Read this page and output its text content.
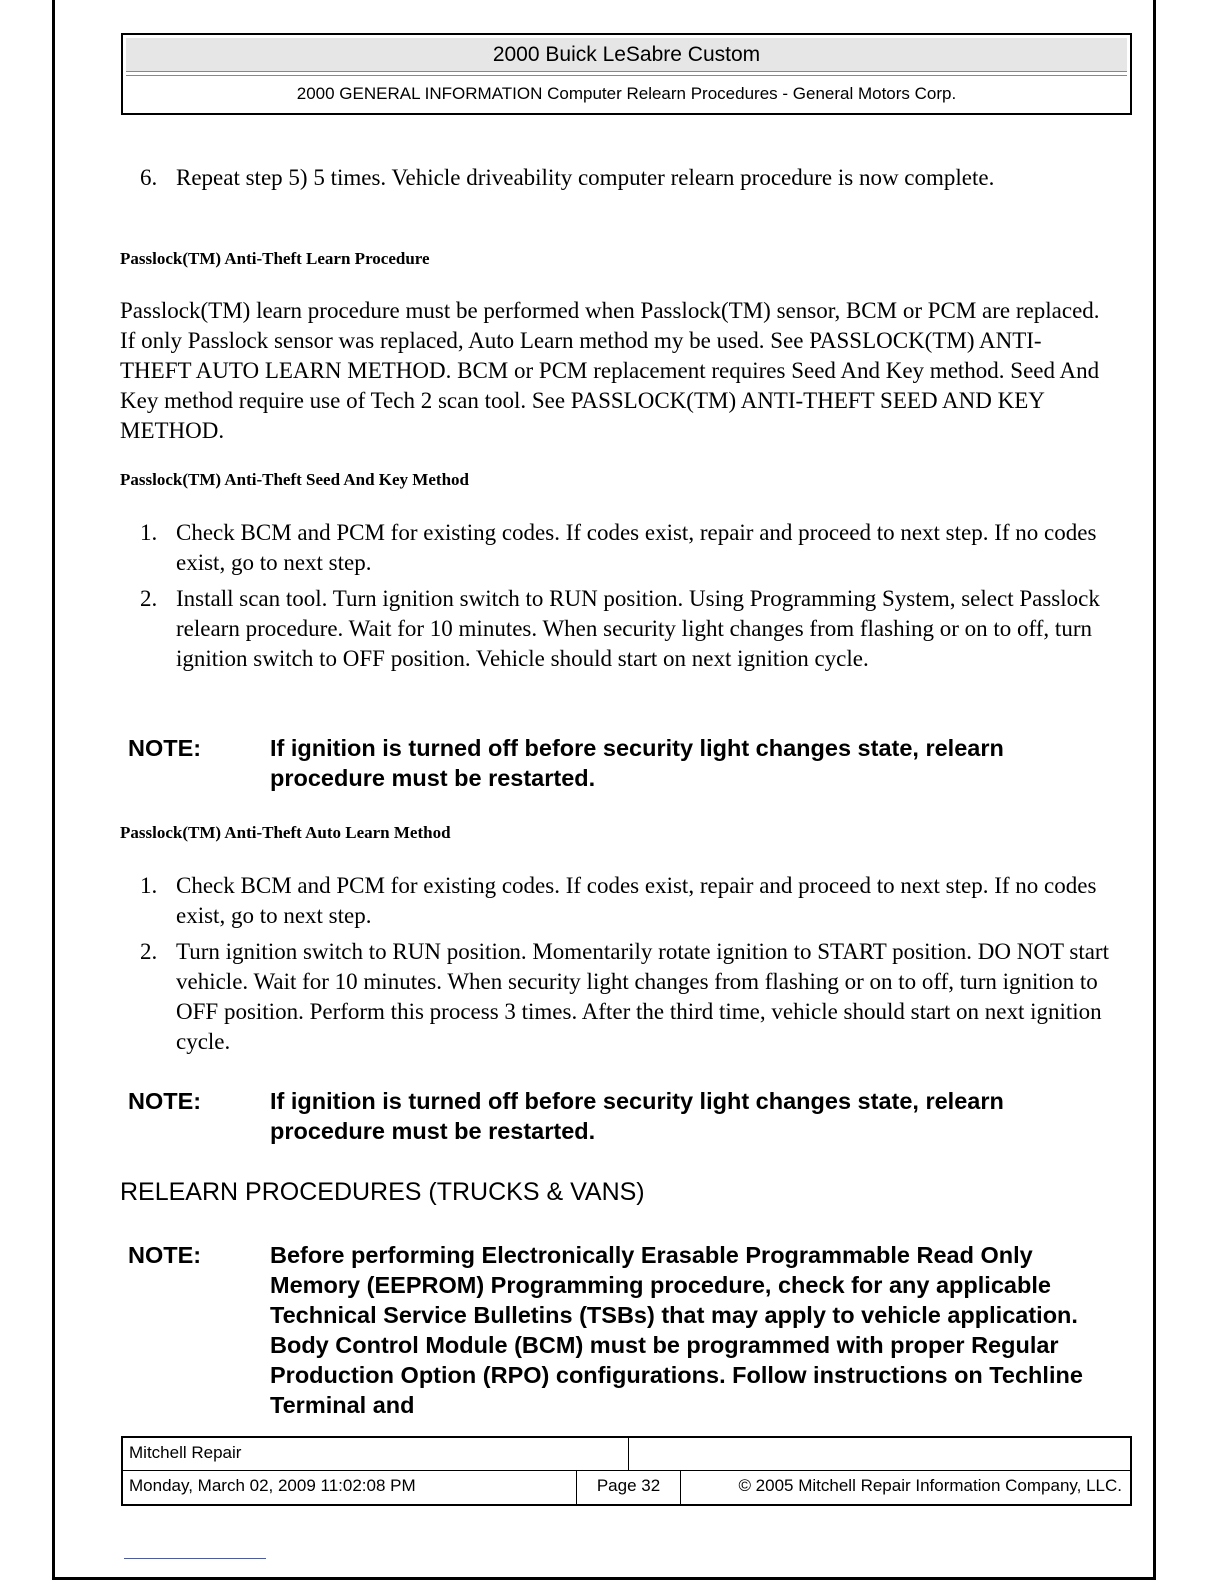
2000 Buick LeSabre Custom
2000 GENERAL INFORMATION Computer Relearn Procedures - General Motors Corp.
6. Repeat step 5) 5 times. Vehicle driveability computer relearn procedure is now complete.
Passlock(TM) Anti-Theft Learn Procedure
Passlock(TM) learn procedure must be performed when Passlock(TM) sensor, BCM or PCM are replaced. If only Passlock sensor was replaced, Auto Learn method my be used. See PASSLOCK(TM) ANTI-THEFT AUTO LEARN METHOD. BCM or PCM replacement requires Seed And Key method. Seed And Key method require use of Tech 2 scan tool. See PASSLOCK(TM) ANTI-THEFT SEED AND KEY METHOD.
Passlock(TM) Anti-Theft Seed And Key Method
1. Check BCM and PCM for existing codes. If codes exist, repair and proceed to next step. If no codes exist, go to next step.
2. Install scan tool. Turn ignition switch to RUN position. Using Programming System, select Passlock relearn procedure. Wait for 10 minutes. When security light changes from flashing or on to off, turn ignition switch to OFF position. Vehicle should start on next ignition cycle.
NOTE:	If ignition is turned off before security light changes state, relearn procedure must be restarted.
Passlock(TM) Anti-Theft Auto Learn Method
1. Check BCM and PCM for existing codes. If codes exist, repair and proceed to next step. If no codes exist, go to next step.
2. Turn ignition switch to RUN position. Momentarily rotate ignition to START position. DO NOT start vehicle. Wait for 10 minutes. When security light changes from flashing or on to off, turn ignition to OFF position. Perform this process 3 times. After the third time, vehicle should start on next ignition cycle.
NOTE:	If ignition is turned off before security light changes state, relearn procedure must be restarted.
RELEARN PROCEDURES (TRUCKS & VANS)
NOTE:	Before performing Electronically Erasable Programmable Read Only Memory (EEPROM) Programming procedure, check for any applicable Technical Service Bulletins (TSBs) that may apply to vehicle application. Body Control Module (BCM) must be programmed with proper Regular Production Option (RPO) configurations. Follow instructions on Techline Terminal and
Mitchell Repair
Monday, March 02, 2009 11:02:08 PM	Page 32	© 2005 Mitchell Repair Information Company, LLC.
